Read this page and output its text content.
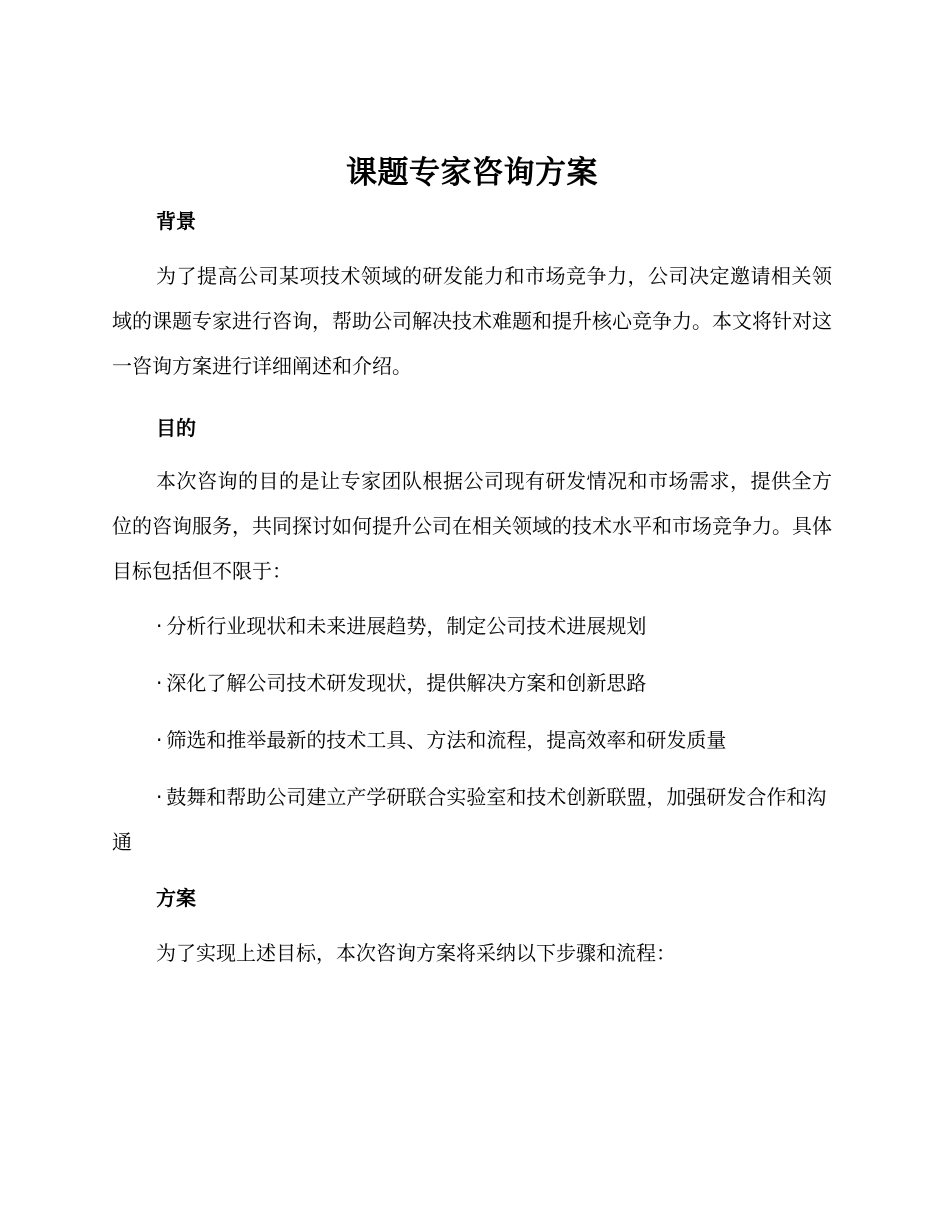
课题专家咨询方案
背景

为了提高公司某项技术领域的研发能力和市场竞争力，公司决定邀请相关领域的课题专家进行咨询，帮助公司解决技术难题和提升核心竞争力。本文将针对这一咨询方案进行详细阐述和介绍。

目的

本次咨询的目的是让专家团队根据公司现有研发情况和市场需求，提供全方位的咨询服务，共同探讨如何提升公司在相关领域的技术水平和市场竞争力。具体目标包括但不限于：

· 分析行业现状和未来进展趋势，制定公司技术进展规划
· 深化了解公司技术研发现状，提供解决方案和创新思路
· 筛选和推举最新的技术工具、方法和流程，提高效率和研发质量
· 鼓舞和帮助公司建立产学研联合实验室和技术创新联盟，加强研发合作和沟通
方案

为了实现上述目标，本次咨询方案将采纳以下步骤和流程：
